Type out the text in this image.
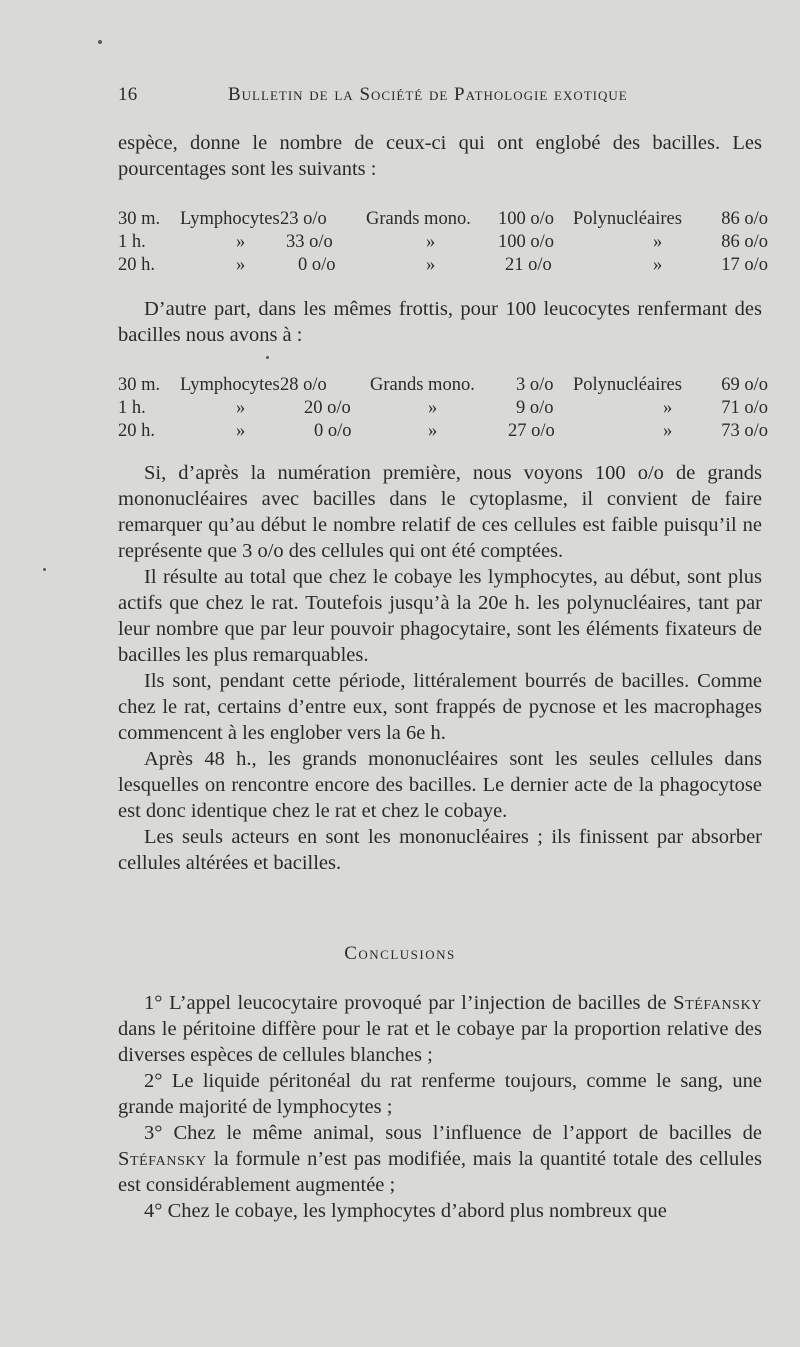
16	Bulletin de la Société de Pathologie exotique

espèce, donne le nombre de ceux-ci qui ont englobé des bacilles. Les pourcentages sont les suivants :

30 m. Lymphocytes 23 o/o Grands mono. 100 o/o Polynucléaires 86 o/o
1 h.	» 33 o/o	»	100 o/o	»	86 o/o
20 h.	»	0 o/o	»	21 o/o	»	17 o/o

D’autre part, dans les mêmes frottis, pour 100 leucocytes renfermant des bacilles nous avons à :

30 m. Lymphocytes 28 o/o Grands mono. 3 o/o Polynucléaires 69 o/o
1 h.	»	20 o/o	»	9 o/o	»	71 o/o
20 h.	»	0 o/o	»	27 o/o	»	73 o/o

Si, d’après la numération première, nous voyons 100 o/o de grands mononucléaires avec bacilles dans le cytoplasme, il convient de faire remarquer qu’au début le nombre relatif de ces cellules est faible puisqu’il ne représente que 3 o/o des cellules qui ont été comptées.

Il résulte au total que chez le cobaye les lymphocytes, au début, sont plus actifs que chez le rat. Toutefois jusqu’à la 20e h. les polynucléaires, tant par leur nombre que par leur pouvoir phagocytaire, sont les éléments fixateurs de bacilles les plus remarquables.

Ils sont, pendant cette période, littéralement bourrés de bacilles. Comme chez le rat, certains d’entre eux, sont frappés de pycnose et les macrophages commencent à les englober vers la 6e h.

Après 48 h., les grands mononucléaires sont les seules cellules dans lesquelles on rencontre encore des bacilles. Le dernier acte de la phagocytose est donc identique chez le rat et chez le cobaye.

Les seuls acteurs en sont les mononucléaires ; ils finissent par absorber cellules altérées et bacilles.

Conclusions

1° L’appel leucocytaire provoqué par l’injection de bacilles de Stéfansky dans le péritoine diffère pour le rat et le cobaye par la proportion relative des diverses espèces de cellules blanches ;

2° Le liquide péritonéal du rat renferme toujours, comme le sang, une grande majorité de lymphocytes ;

3° Chez le même animal, sous l’influence de l’apport de bacilles de Stéfansky la formule n’est pas modifiée, mais la quantité totale des cellules est considérablement augmentée ;

4° Chez le cobaye, les lymphocytes d’abord plus nombreux que
